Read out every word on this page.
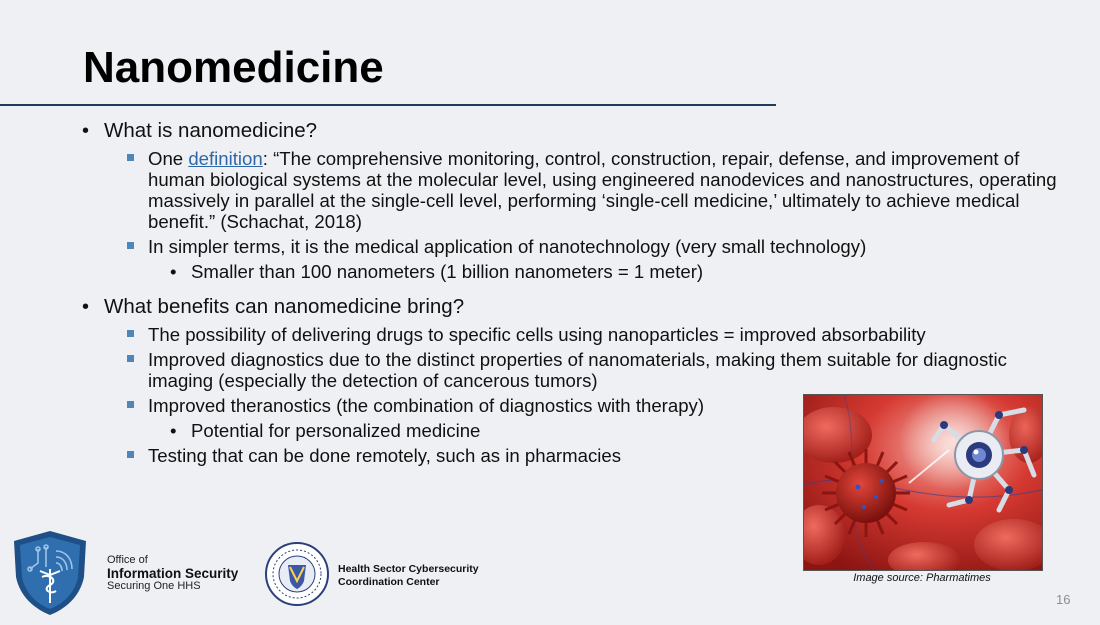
Nanomedicine
• What is nanomedicine?
One definition: “The comprehensive monitoring, control, construction, repair, defense, and improvement of human biological systems at the molecular level, using engineered nanodevices and nanostructures, operating massively in parallel at the single-cell level, performing ‘single-cell medicine,’ ultimately to achieve medical benefit.” (Schachat, 2018)
In simpler terms, it is the medical application of nanotechnology (very small technology)
• Smaller than 100 nanometers (1 billion nanometers = 1 meter)
• What benefits can nanomedicine bring?
The possibility of delivering drugs to specific cells using nanoparticles = improved absorbability
Improved diagnostics due to the distinct properties of nanomaterials, making them suitable for diagnostic imaging (especially the detection of cancerous tumors)
Improved theranostics (the combination of diagnostics with therapy)
• Potential for personalized medicine
Testing that can be done remotely, such as in pharmacies
Image source: Pharmatimes
Office of
Information Security
Securing One HHS
Health Sector Cybersecurity
Coordination Center
16
